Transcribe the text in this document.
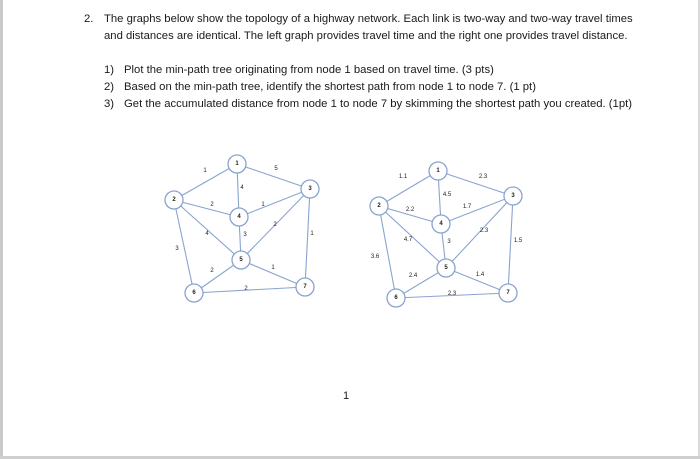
2. The graphs below show the topology of a highway network. Each link is two-way and two-way travel times and distances are identical. The left graph provides travel time and the right one provides travel distance.
1) Plot the min-path tree originating from node 1 based on travel time. (3 pts)
2) Based on the min-path tree, identify the shortest path from node 1 to node 7. (1 pt)
3) Get the accumulated distance from node 1 to node 7 by skimming the shortest path you created. (1pt)
1	5
4
2
4
3
1
3
2
1
2	1
2
1
2
3
4
5
6
7
1.1	2.3
4.5
2.2
4.7
3.6
1.7
3
2.3
1.5
2.4	1.4
2.3
1
2
3
4
5
6
7
1
